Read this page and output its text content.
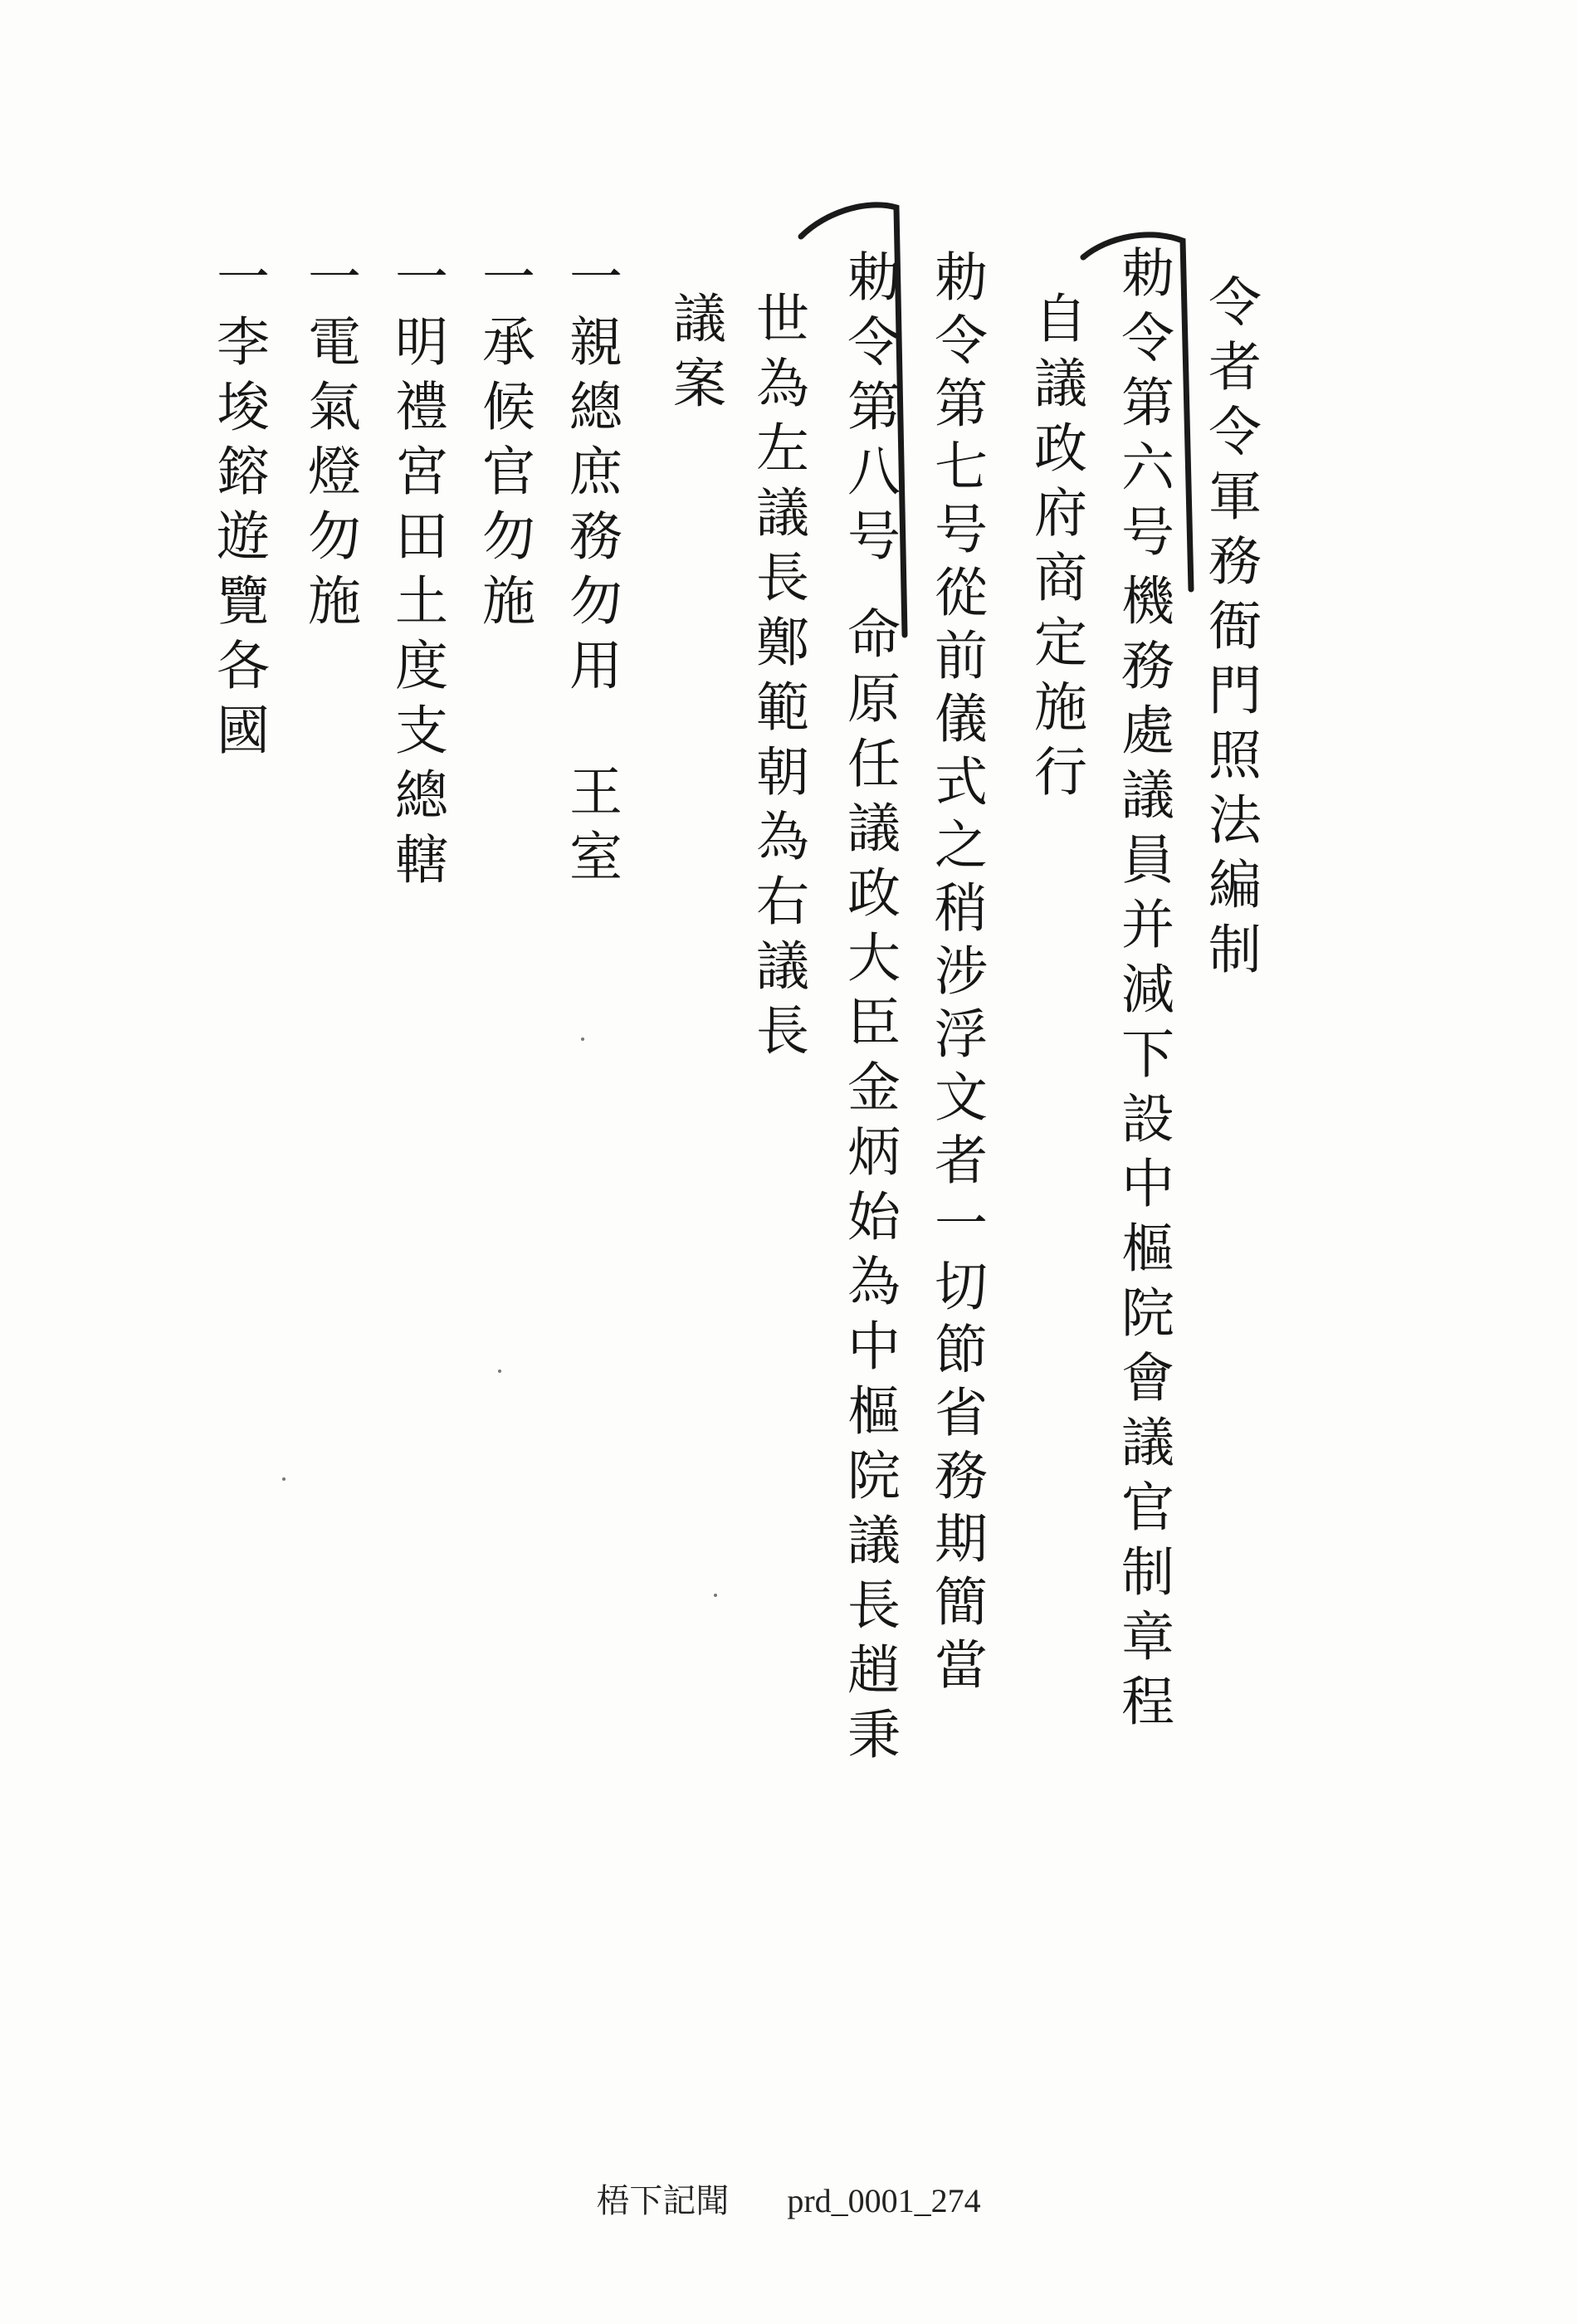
令者令軍務衙門照法編制
勅令第六号
機務處議員并減下設中樞院會議官制章程
自議政府商定施行
勅令第七号從前儀式之稍涉浮文者一切節省務期簡當
勅令第八号
命原任議政大臣金炳始為中樞院議長趙秉
世為左議長鄭範朝為右議長
議案
一親總庶務勿用
王室
一承候官勿施
一明禮宮田土度支總轄
一電氣燈勿施
一李埈鎔遊覽各國
梧下記聞 prd_0001_274
